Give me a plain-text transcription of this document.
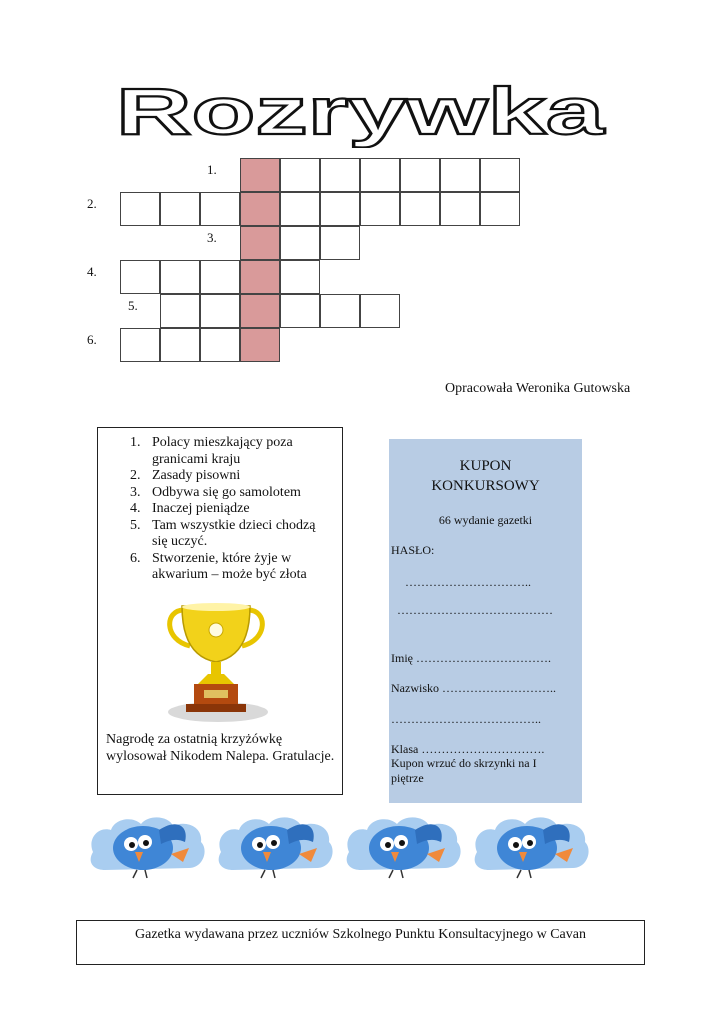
Rozrywka
1.
2.
3.
4.
5.
6.
Opracowała Weronika Gutowska
1. Polacy mieszkający poza granicami kraju
2. Zasady pisowni
3. Odbywa się go samolotem
4. Inaczej pieniądze
5. Tam wszystkie dzieci chodzą się uczyć.
6. Stworzenie, które żyje w akwarium – może być złota
Nagrodę za ostatnią krzyżówkę wylosował Nikodem Nalepa. Gratulacje.
KUPON
KONKURSOWY
66 wydanie gazetki
HASŁO:
…………………………..
…………………………………
Imię …………………………….
Nazwisko ………………………..
………………………………..
Klasa ………………………….
Kupon wrzuć do skrzynki na I
piętrze
Gazetka wydawana przez uczniów Szkolnego Punktu Konsultacyjnego w Cavan
